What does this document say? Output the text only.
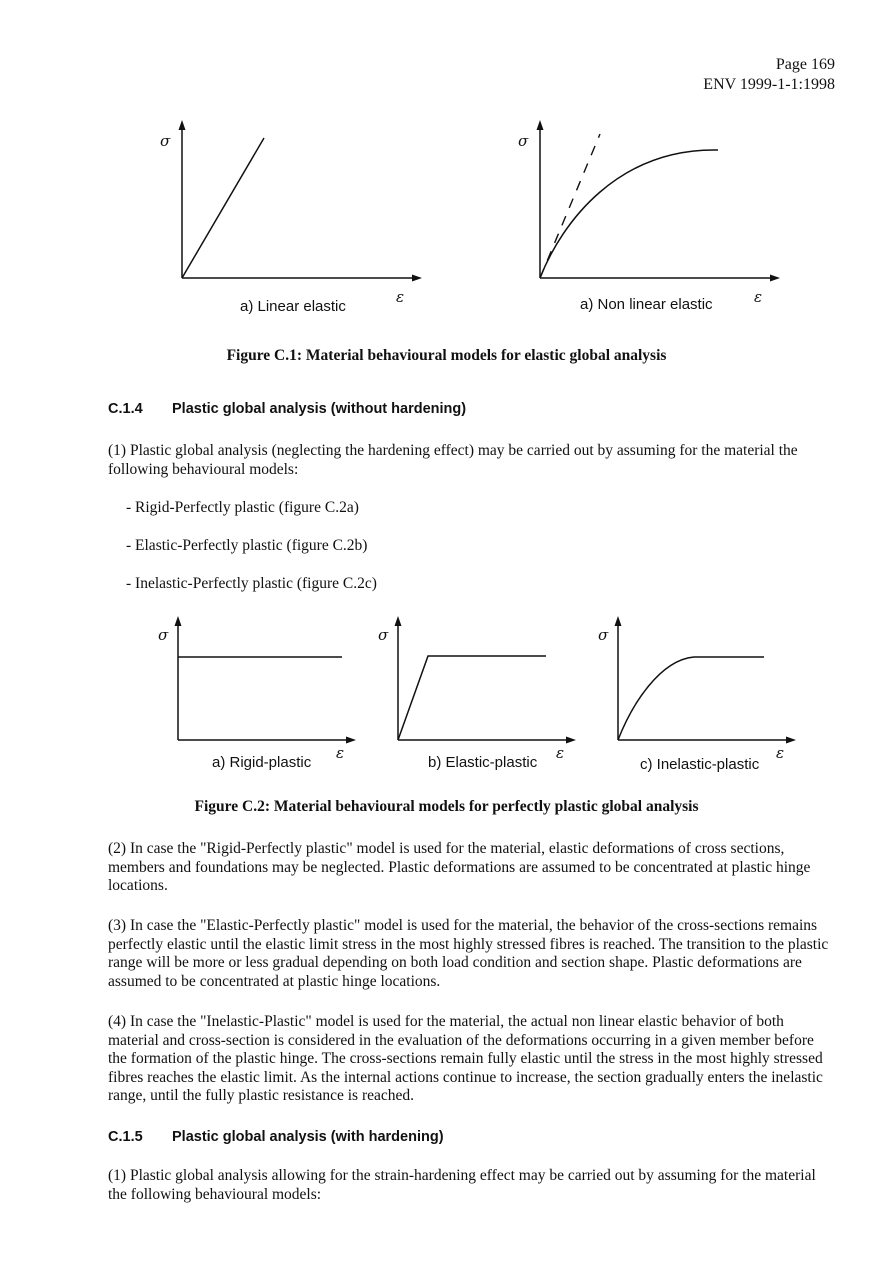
Page 169
ENV 1999-1-1:1998
σ
ε
a) Linear elastic
σ
ε
a) Non linear elastic
Figure C.1: Material behavioural models for elastic global analysis
C.1.4 Plastic global analysis (without hardening)
(1) Plastic global analysis (neglecting the hardening effect) may be carried out by assuming for the material the following behavioural models:
- Rigid-Perfectly plastic (figure C.2a)
- Elastic-Perfectly plastic (figure C.2b)
- Inelastic-Perfectly plastic (figure C.2c)
σ
ε
a) Rigid-plastic
σ
ε
b) Elastic-plastic
σ
ε
c) Inelastic-plastic
Figure C.2: Material behavioural models for perfectly plastic global analysis
(2) In case the "Rigid-Perfectly plastic" model is used for the material, elastic deformations of cross sections, members and foundations may be neglected. Plastic deformations are assumed to be concentrated at plastic hinge locations.
(3) In case the "Elastic-Perfectly plastic" model is used for the material, the behavior of the cross-sections remains perfectly elastic until the elastic limit stress in the most highly stressed fibres is reached. The transition to the plastic range will be more or less gradual depending on both load condition and section shape. Plastic deformations are assumed to be concentrated at plastic hinge locations.
(4) In case the "Inelastic-Plastic" model is used for the material, the actual non linear elastic behavior of both material and cross-section is considered in the evaluation of the deformations occurring in a given member before the formation of the plastic hinge. The cross-sections remain fully elastic until the stress in the most highly stressed fibres reaches the elastic limit. As the internal actions continue to increase, the section gradually enters the inelastic range, until the fully plastic resistance is reached.
C.1.5 Plastic global analysis (with hardening)
(1) Plastic global analysis allowing for the strain-hardening effect may be carried out by assuming for the material the following behavioural models:
